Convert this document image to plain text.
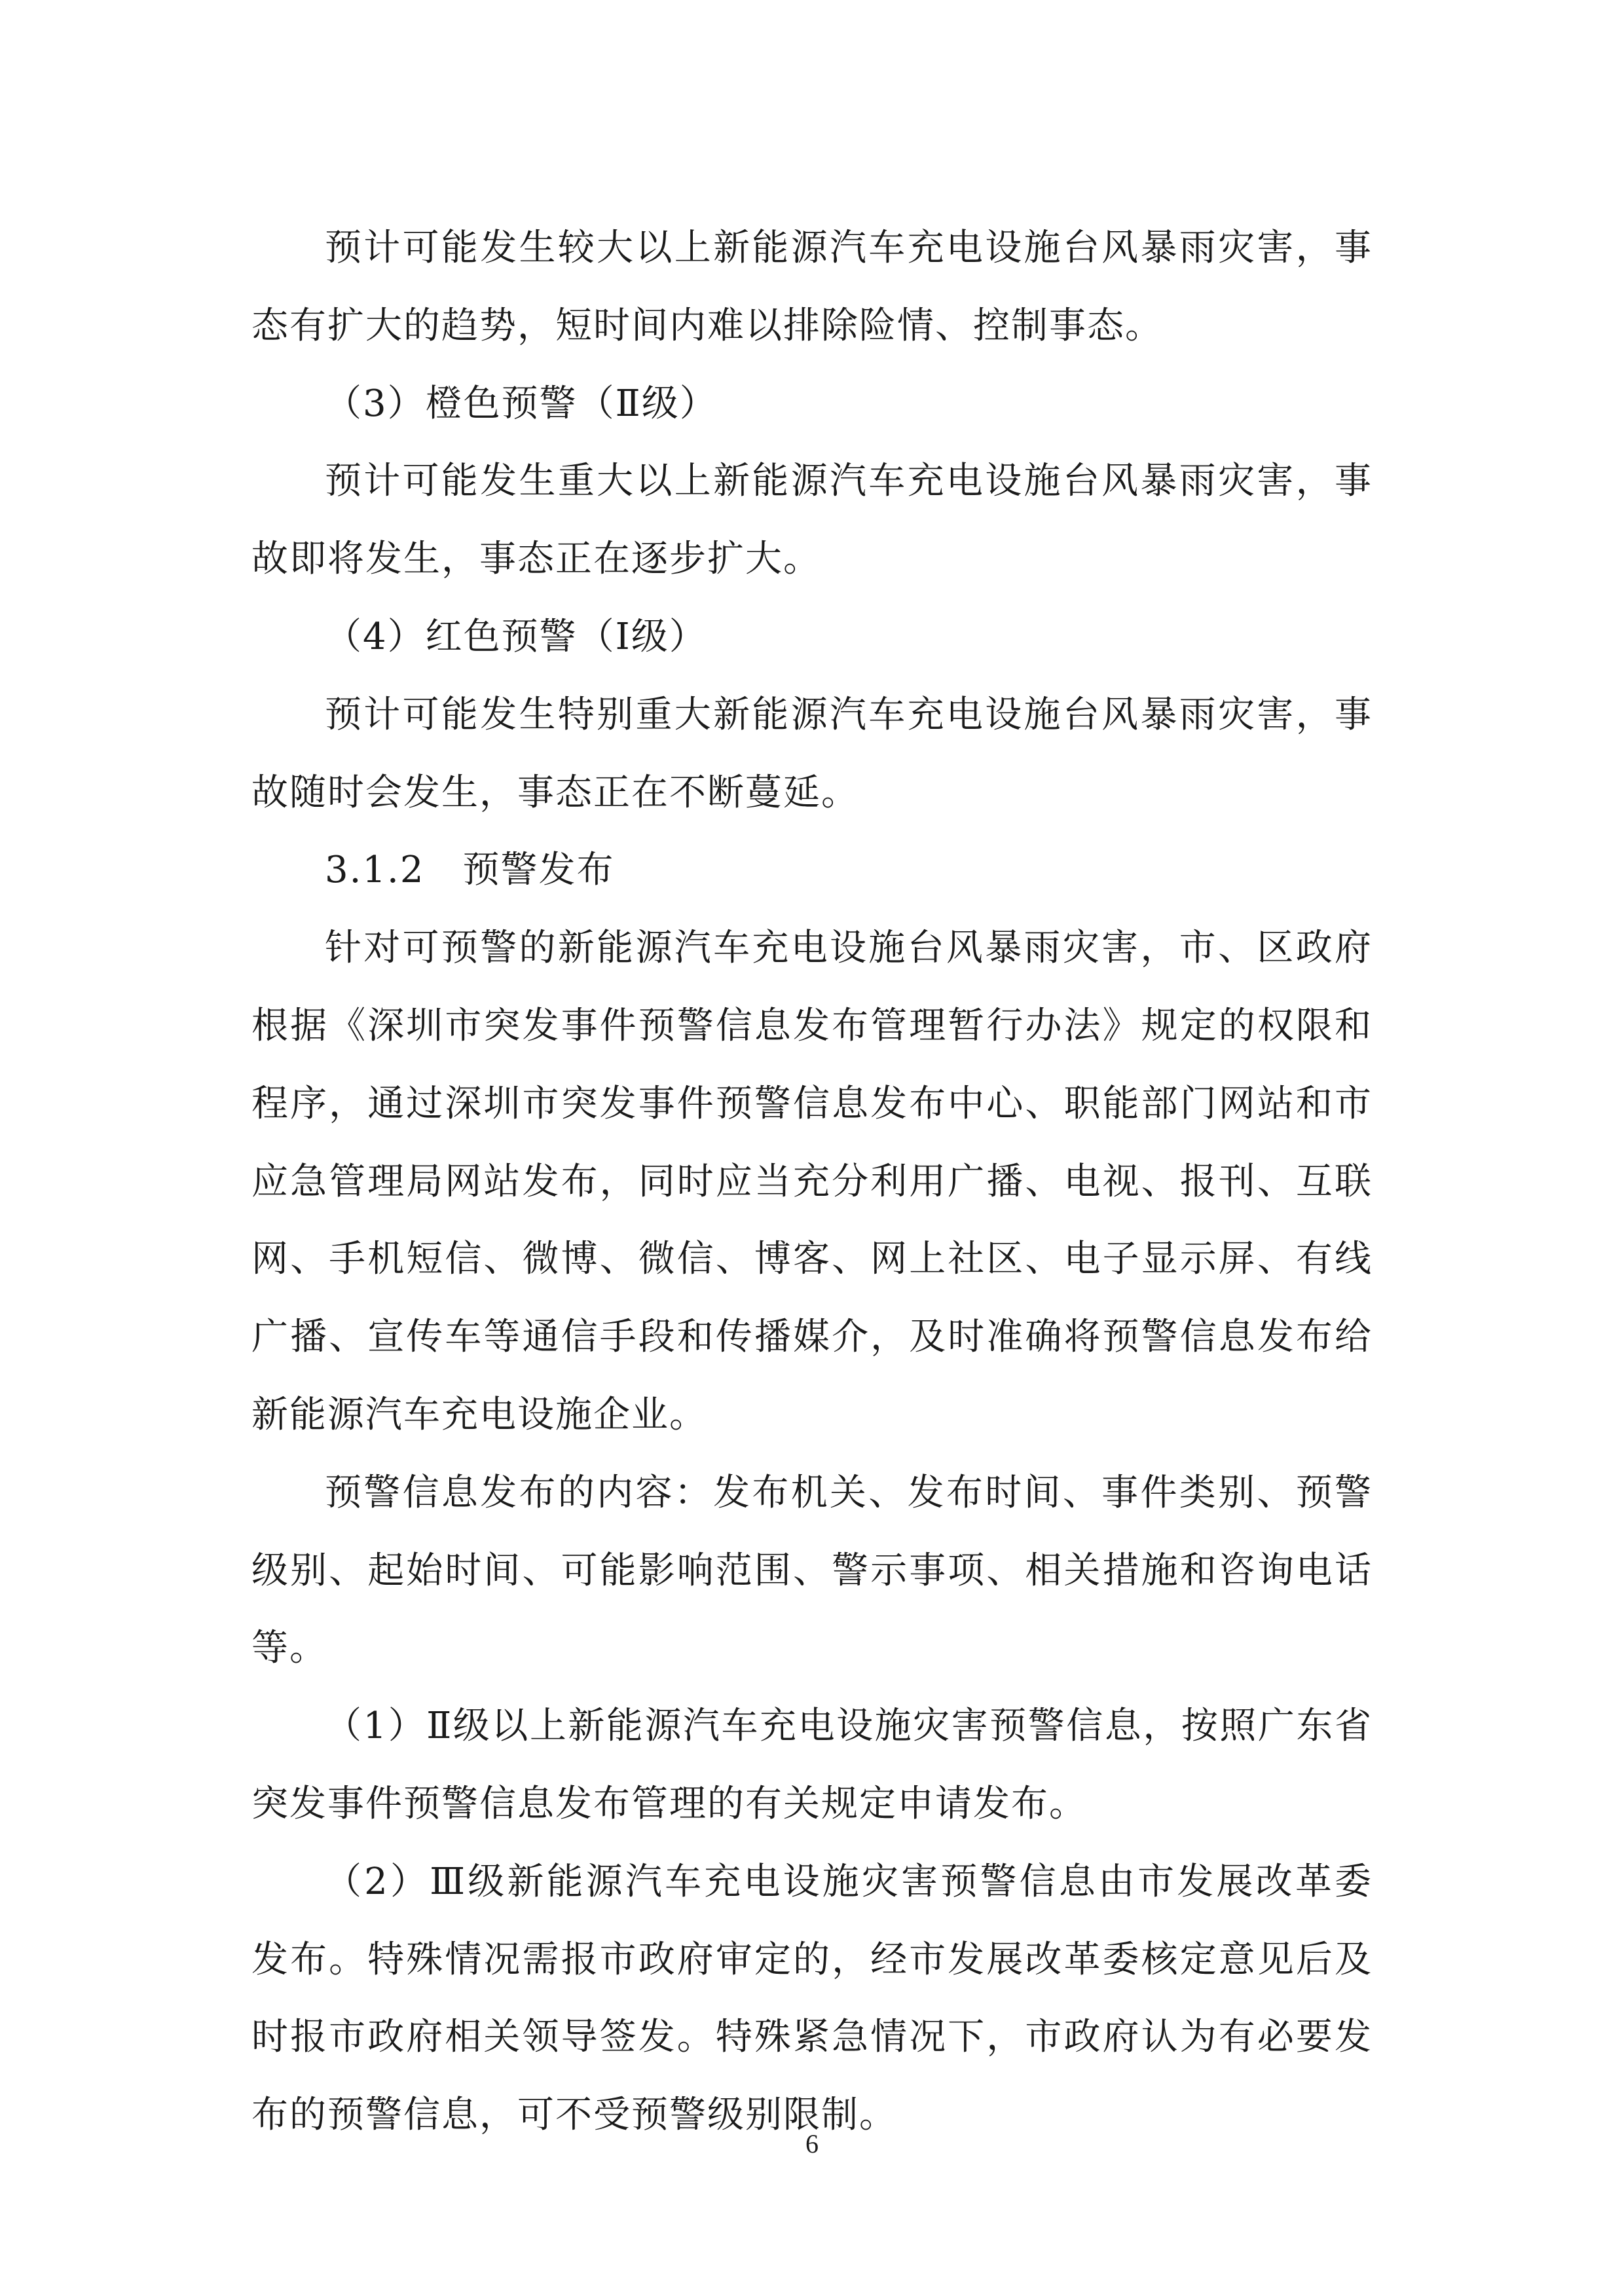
预计可能发生较大以上新能源汽车充电设施台风暴雨灾害，事态有扩大的趋势，短时间内难以排除险情、控制事态。

（3）橙色预警（Ⅱ级）

预计可能发生重大以上新能源汽车充电设施台风暴雨灾害，事故即将发生，事态正在逐步扩大。

（4）红色预警（Ⅰ级）

预计可能发生特别重大新能源汽车充电设施台风暴雨灾害，事故随时会发生，事态正在不断蔓延。

3.1.2　预警发布

针对可预警的新能源汽车充电设施台风暴雨灾害，市、区政府根据《深圳市突发事件预警信息发布管理暂行办法》规定的权限和程序，通过深圳市突发事件预警信息发布中心、职能部门网站和市应急管理局网站发布，同时应当充分利用广播、电视、报刊、互联网、手机短信、微博、微信、博客、网上社区、电子显示屏、有线广播、宣传车等通信手段和传播媒介，及时准确将预警信息发布给新能源汽车充电设施企业。

预警信息发布的内容：发布机关、发布时间、事件类别、预警级别、起始时间、可能影响范围、警示事项、相关措施和咨询电话等。

（1）Ⅱ级以上新能源汽车充电设施灾害预警信息，按照广东省突发事件预警信息发布管理的有关规定申请发布。

（2）Ⅲ级新能源汽车充电设施灾害预警信息由市发展改革委发布。特殊情况需报市政府审定的，经市发展改革委核定意见后及时报市政府相关领导签发。特殊紧急情况下，市政府认为有必要发布的预警信息，可不受预警级别限制。

6
